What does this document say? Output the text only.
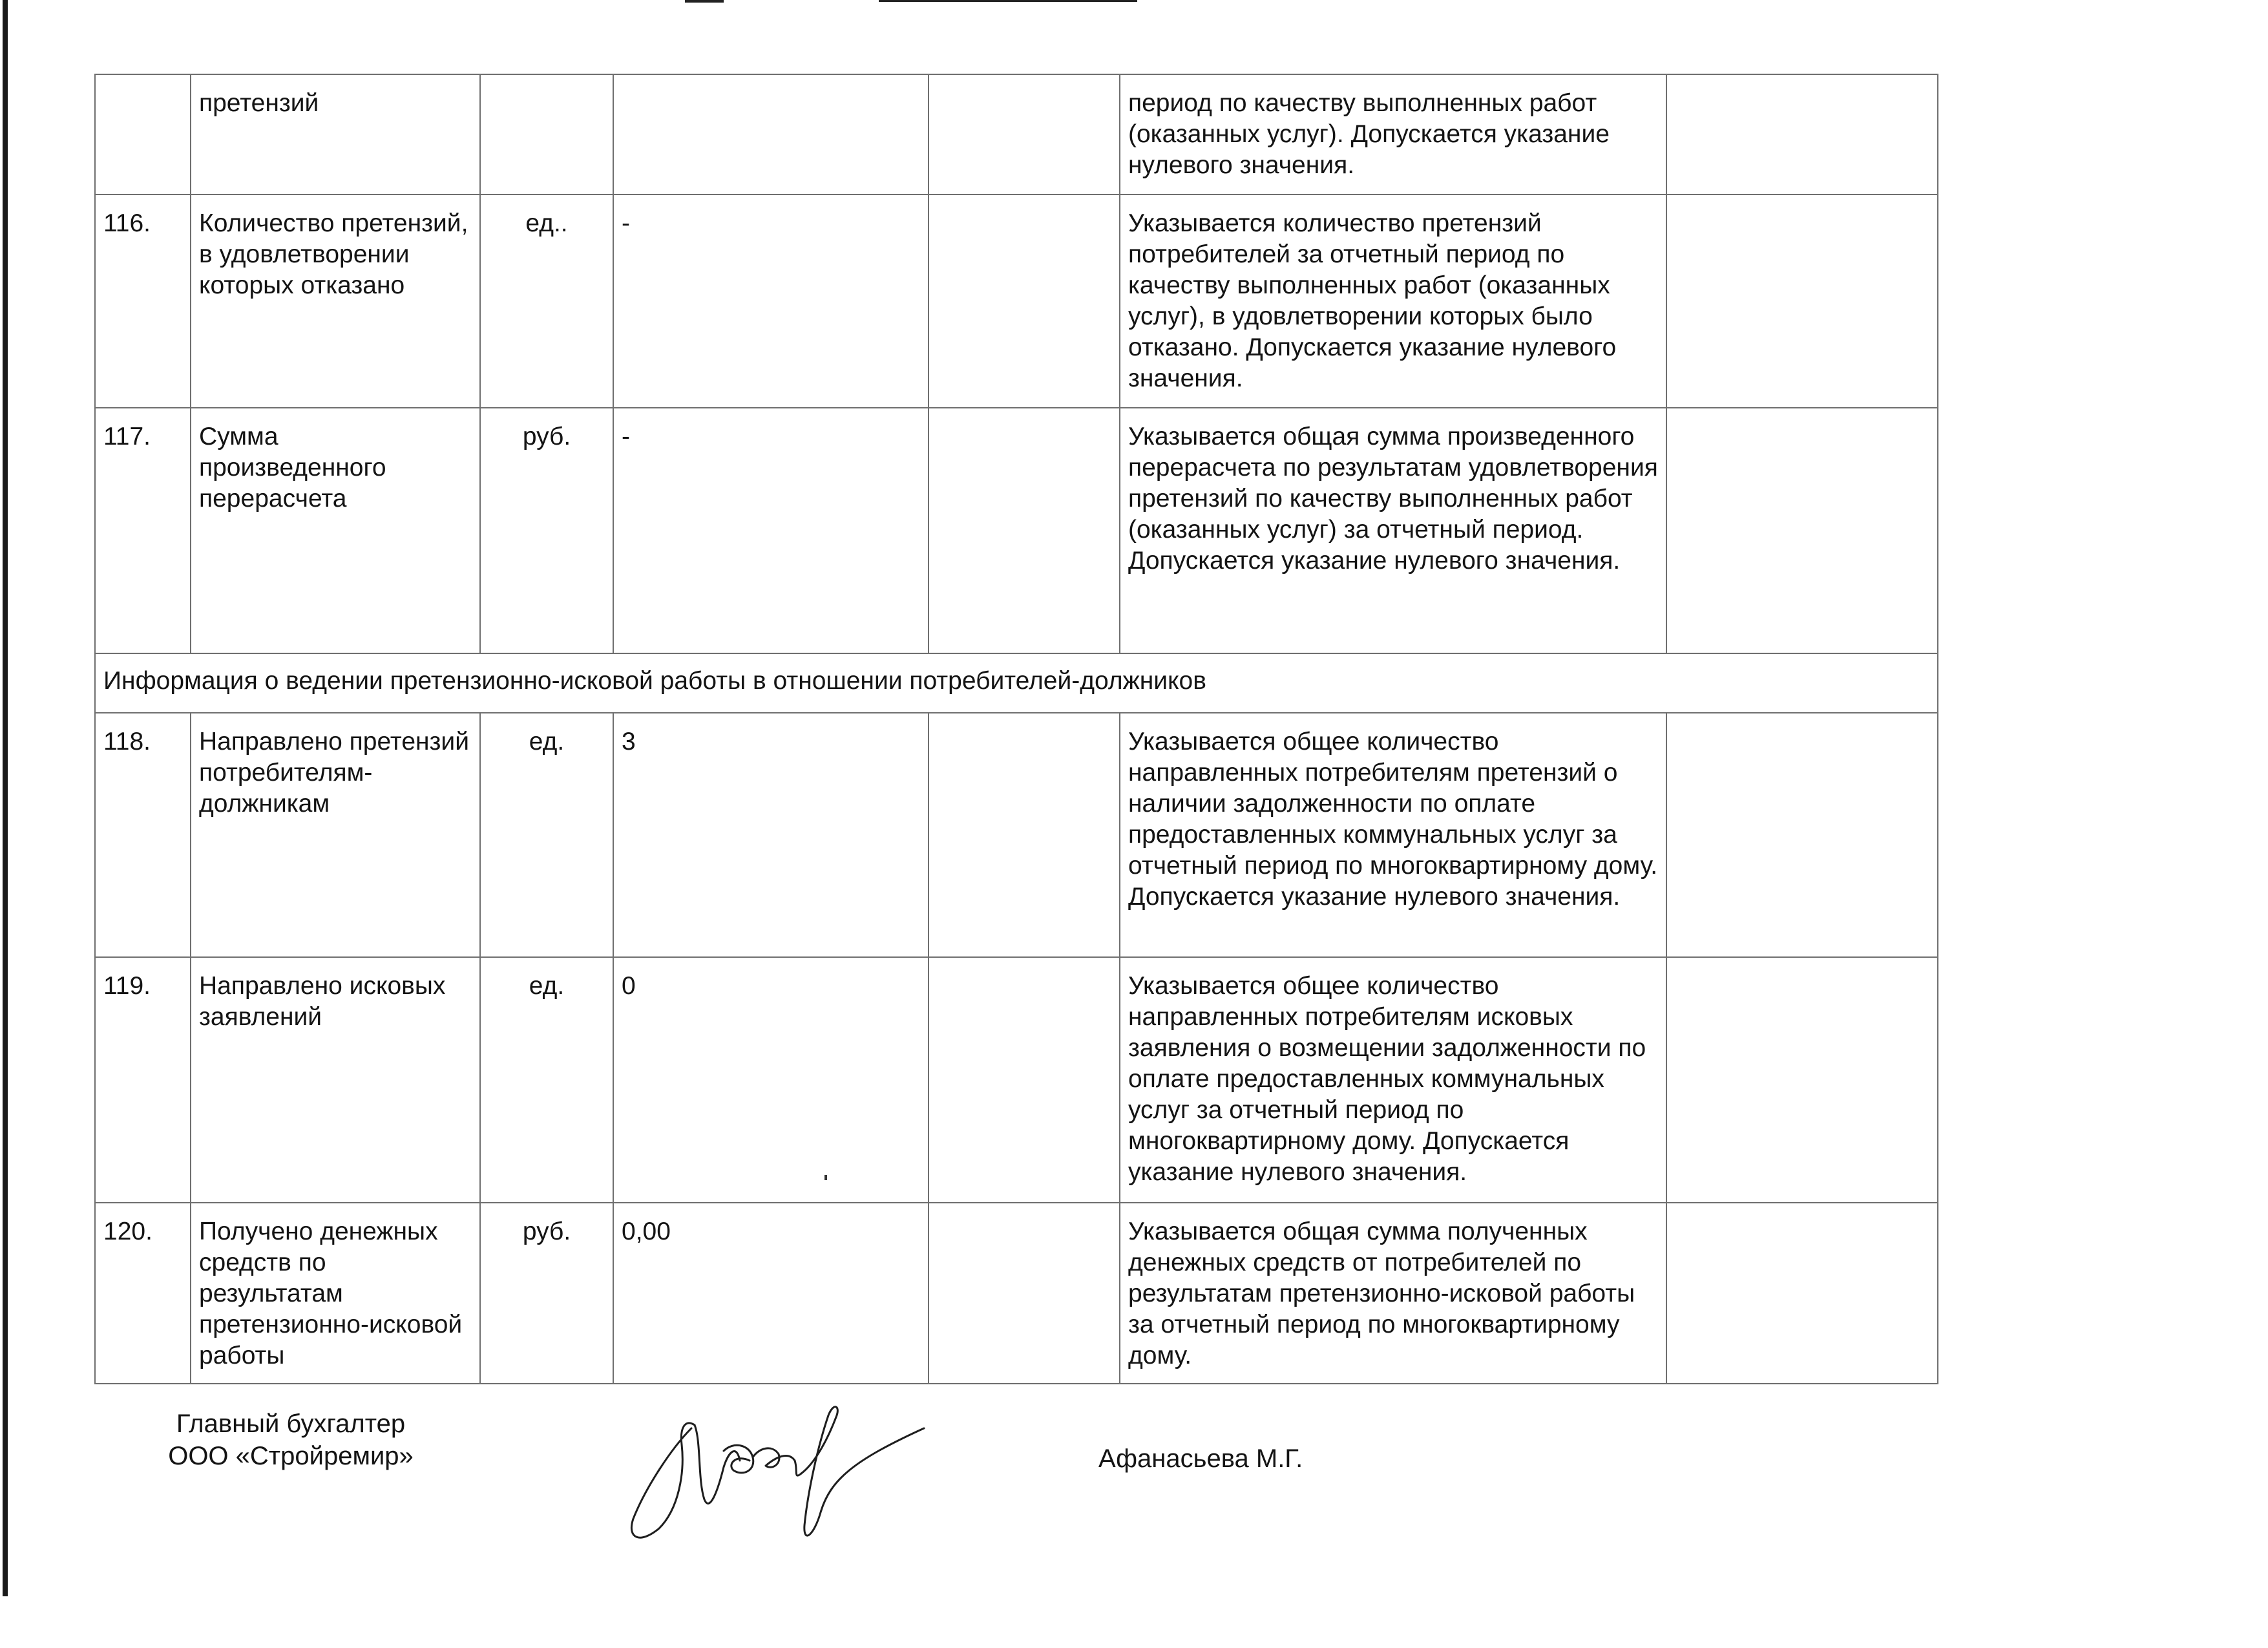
	претензий				период по качеству выполненных работ (оказанных услуг). Допускается указание нулевого значения.	
116.	Количество претензий, в удовлетворении которых отказано	ед..	-		Указывается количество претензий потребителей за отчетный период по качеству выполненных работ (оказанных услуг), в удовлетворении которых было отказано. Допускается указание нулевого значения.	
117.	Сумма произведенного перерасчета	руб.	-		Указывается общая сумма произведенного перерасчета по результатам удовлетворения претензий по качеству выполненных работ (оказанных услуг) за отчетный период. Допускается указание нулевого значения.	
Информация о ведении претензионно-исковой работы в отношении потребителей-должников						
118.	Направлено претензий потребителям-должникам	ед.	3		Указывается общее количество направленных потребителям претензий о наличии задолженности по оплате предоставленных коммунальных услуг за отчетный период по многоквартирному дому. Допускается указание нулевого значения.	
119.	Направлено исковых заявлений	ед.	0		Указывается общее количество направленных потребителям исковых заявления о возмещении задолженности по оплате предоставленных коммунальных услуг за отчетный период по многоквартирному дому. Допускается указание нулевого значения.	
120.	Получено денежных средств по результатам претензионно-исковой работы	руб.	0,00		Указывается общая сумма полученных денежных средств от потребителей по результатам претензионно-исковой работы за отчетный период по многоквартирному дому.	
Главный бухгалтер
ООО «Стройремир»	Афанасьева М.Г.
